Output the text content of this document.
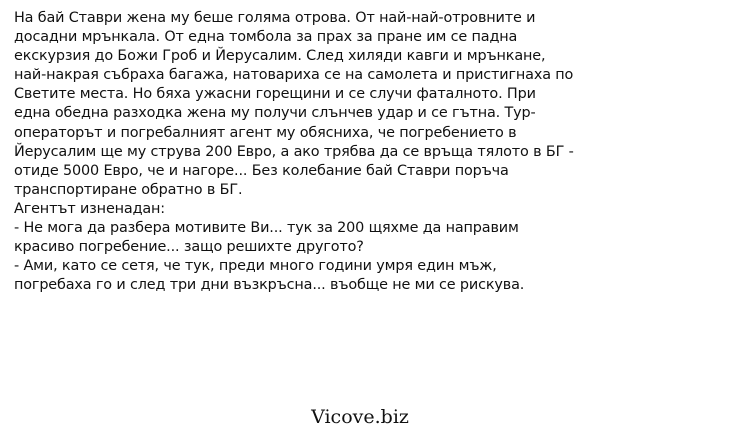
На бай Ставри жена му беше голяма отрова. От най-най-отровните и досадни мрънкала. От една томбола за прах за пране им се падна екскурзия до Божи Гроб и Йерусалим. След хиляди кавги и мрънкане, най-накрая събраха багажа, натовариха се на самолета и пристигнаха по Светите места. Но бяха ужасни горещини и се случи фаталното. При една обедна разходка жена му получи слънчев удар и се гътна. Тур-операторът и погребалният агент му обясниха, че погребението в Йерусалим ще му струва 200 Евро, а ако трябва да се връща тялото в БГ - отиде 5000 Евро, че и нагоре... Без колебание бай Ставри поръча транспортиране обратно в БГ.

Агентът изненадан:

- Не мога да разбера мотивите Ви... тук за 200 щяхме да направим красиво погребение... защо решихте другото?

- Ами, като се сетя, че тук, преди много години умря един мъж, погребаха го и след три дни възкръсна... въобще не ми се рискува.

Vicove.biz
